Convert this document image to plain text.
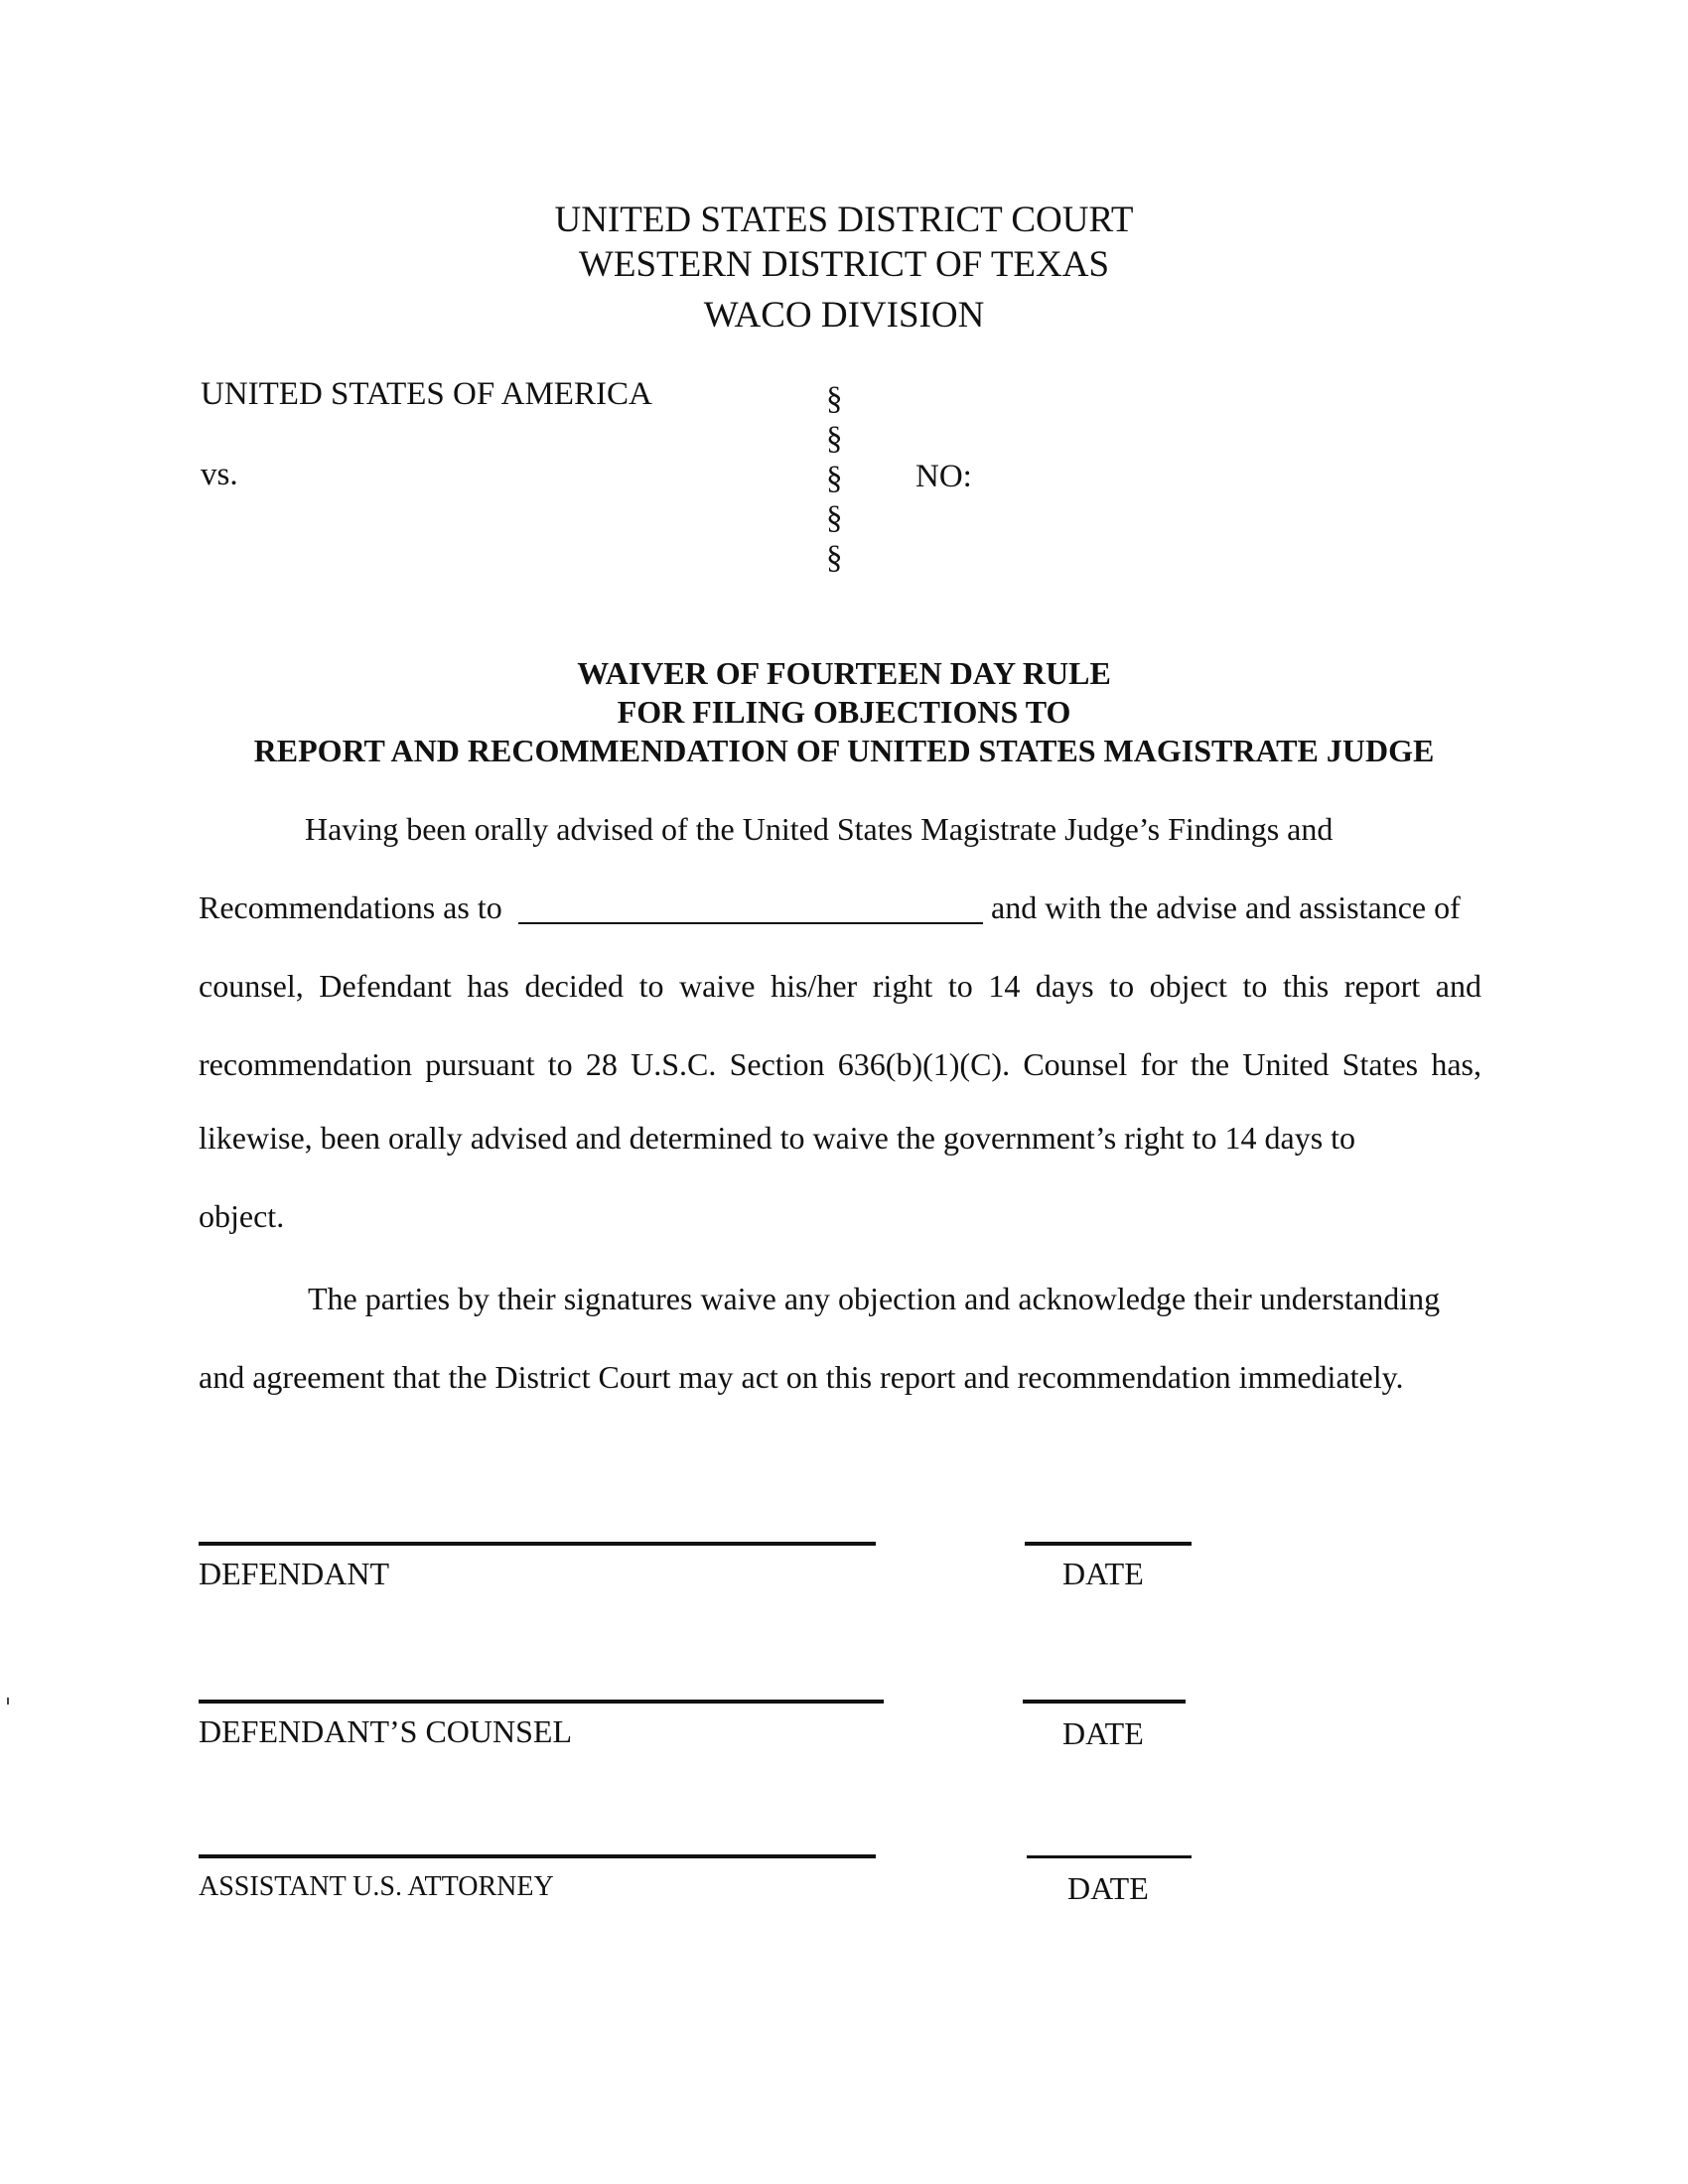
UNITED STATES DISTRICT COURT
WESTERN DISTRICT OF TEXAS
WACO DIVISION
UNITED STATES OF AMERICA
vs.
§
§
§
§
§
NO:
WAIVER OF FOURTEEN DAY RULE
FOR FILING OBJECTIONS TO
REPORT AND RECOMMENDATION OF UNITED STATES MAGISTRATE JUDGE
Having been orally advised of the United States Magistrate Judge’s Findings and
Recommendations as to	and with the advise and assistance of
counsel, Defendant has decided to waive his/her right to 14 days to object to this report and
recommendation pursuant to 28 U.S.C. Section 636(b)(1)(C). Counsel for the United States has,
likewise, been orally advised and determined to waive the government’s right to 14 days to
object.
The parties by their signatures waive any objection and acknowledge their understanding
and agreement that the District Court may act on this report and recommendation immediately.
DEFENDANT	DATE
DEFENDANT’S COUNSEL	DATE
ASSISTANT U.S. ATTORNEY	DATE
